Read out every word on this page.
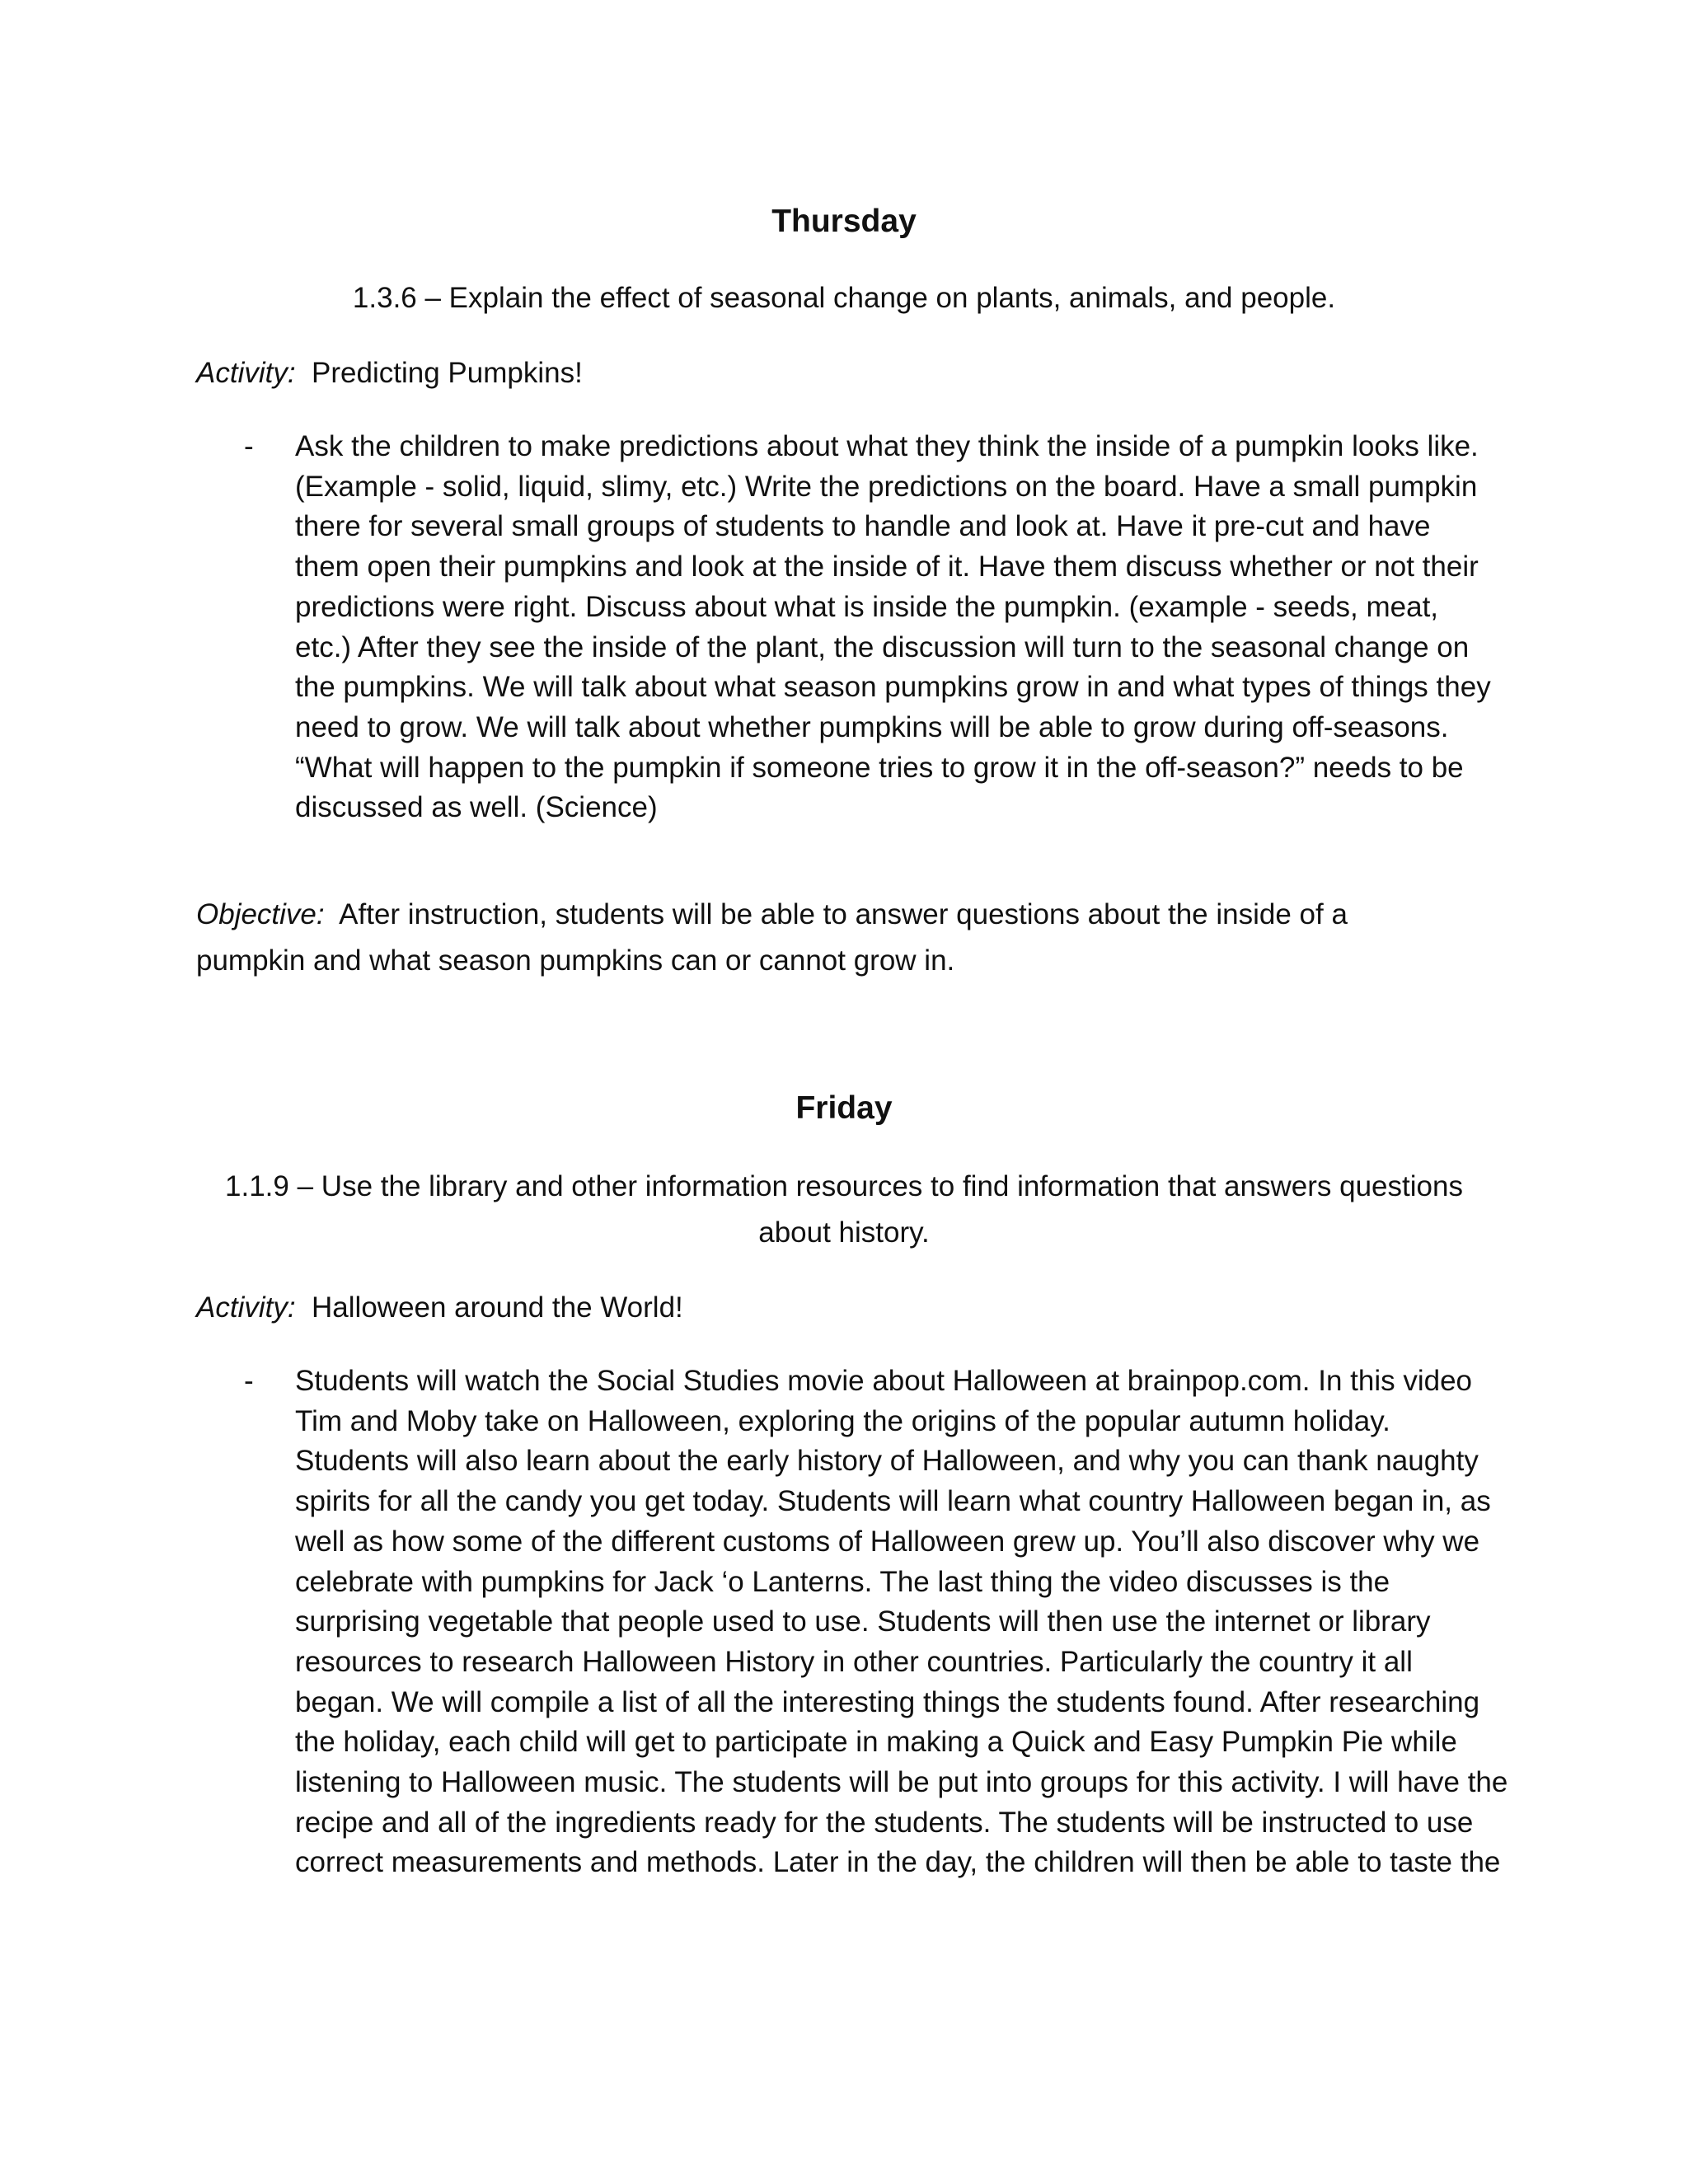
Thursday

1.3.6 – Explain the effect of seasonal change on plants, animals, and people.

Activity: Predicting Pumpkins!

- Ask the children to make predictions about what they think the inside of a pumpkin looks like. (Example - solid, liquid, slimy, etc.) Write the predictions on the board. Have a small pumpkin there for several small groups of students to handle and look at. Have it pre-cut and have them open their pumpkins and look at the inside of it. Have them discuss whether or not their predictions were right. Discuss about what is inside the pumpkin. (example - seeds, meat, etc.) After they see the inside of the plant, the discussion will turn to the seasonal change on the pumpkins. We will talk about what season pumpkins grow in and what types of things they need to grow. We will talk about whether pumpkins will be able to grow during off-seasons. “What will happen to the pumpkin if someone tries to grow it in the off-season?” needs to be discussed as well. (Science)

Objective: After instruction, students will be able to answer questions about the inside of a pumpkin and what season pumpkins can or cannot grow in.

Friday

1.1.9 – Use the library and other information resources to find information that answers questions about history.

Activity: Halloween around the World!

- Students will watch the Social Studies movie about Halloween at brainpop.com. In this video Tim and Moby take on Halloween, exploring the origins of the popular autumn holiday. Students will also learn about the early history of Halloween, and why you can thank naughty spirits for all the candy you get today. Students will learn what country Halloween began in, as well as how some of the different customs of Halloween grew up. You’ll also discover why we celebrate with pumpkins for Jack ‘o Lanterns. The last thing the video discusses is the surprising vegetable that people used to use. Students will then use the internet or library resources to research Halloween History in other countries. Particularly the country it all began. We will compile a list of all the interesting things the students found. After researching the holiday, each child will get to participate in making a Quick and Easy Pumpkin Pie while listening to Halloween music. The students will be put into groups for this activity. I will have the recipe and all of the ingredients ready for the students. The students will be instructed to use correct measurements and methods. Later in the day, the children will then be able to taste the
